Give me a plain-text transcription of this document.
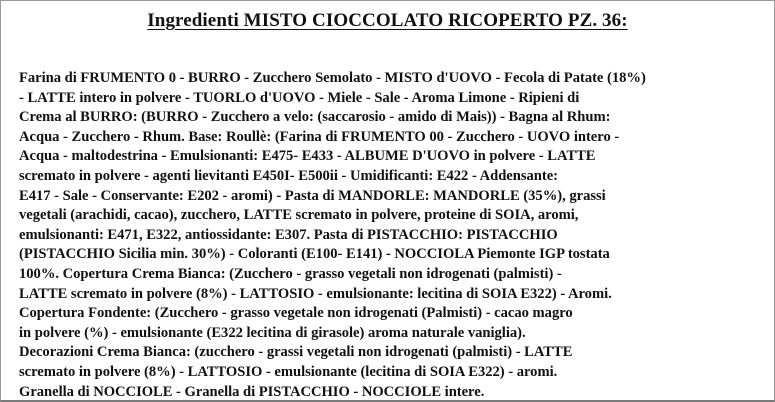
Ingredienti MISTO CIOCCOLATO RICOPERTO PZ. 36:
Farina di FRUMENTO 0 - BURRO - Zucchero Semolato - MISTO d'UOVO - Fecola di Patate (18%)
- LATTE intero in polvere - TUORLO d'UOVO - Miele - Sale - Aroma Limone - Ripieni di
Crema al BURRO: (BURRO - Zucchero a velo: (saccarosio - amido di Mais)) - Bagna al Rhum:
Acqua - Zucchero - Rhum. Base: Roullè: (Farina di FRUMENTO 00 - Zucchero - UOVO intero -
Acqua - maltodestrina - Emulsionanti: E475- E433 - ALBUME D'UOVO in polvere - LATTE
scremato in polvere - agenti lievitanti E450I- E500ii - Umidificanti: E422 - Addensante:
E417 - Sale - Conservante: E202 - aromi) - Pasta di MANDORLE: MANDORLE (35%), grassi
vegetali (arachidi, cacao), zucchero, LATTE scremato in polvere, proteine di SOIA, aromi,
emulsionanti: E471, E322, antiossidante: E307. Pasta di PISTACCHIO: PISTACCHIO
(PISTACCHIO Sicilia min. 30%) - Coloranti (E100- E141) - NOCCIOLA Piemonte IGP tostata
100%. Copertura Crema Bianca: (Zucchero - grasso vegetali non idrogenati (palmisti) -
LATTE scremato in polvere (8%) - LATTOSIO - emulsionante: lecitina di SOIA E322) - Aromi.
Copertura Fondente: (Zucchero - grasso vegetale non idrogenati (Palmisti) - cacao magro
in polvere (%) - emulsionante (E322 lecitina di girasole) aroma naturale vaniglia).
Decorazioni Crema Bianca: (zucchero - grassi vegetali non idrogenati (palmisti) - LATTE
scremato in polvere (8%) - LATTOSIO - emulsionante (lecitina di SOIA E322) - aromi.
Granella di NOCCIOLE - Granella di PISTACCHIO - NOCCIOLE intere.
